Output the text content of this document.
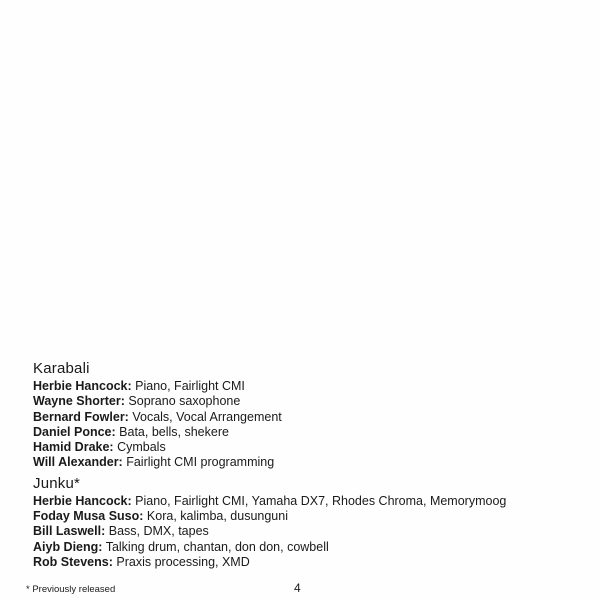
Karabali
Herbie Hancock: Piano, Fairlight CMI
Wayne Shorter: Soprano saxophone
Bernard Fowler: Vocals, Vocal Arrangement
Daniel Ponce: Bata, bells, shekere
Hamid Drake: Cymbals
Will Alexander: Fairlight CMI programming
Junku*
Herbie Hancock: Piano, Fairlight CMI, Yamaha DX7, Rhodes Chroma, Memorymoog
Foday Musa Suso: Kora, kalimba, dusunguni
Bill Laswell: Bass, DMX, tapes
Aiyb Dieng: Talking drum, chantan, don don, cowbell
Rob Stevens: Praxis processing, XMD
* Previously released	4
